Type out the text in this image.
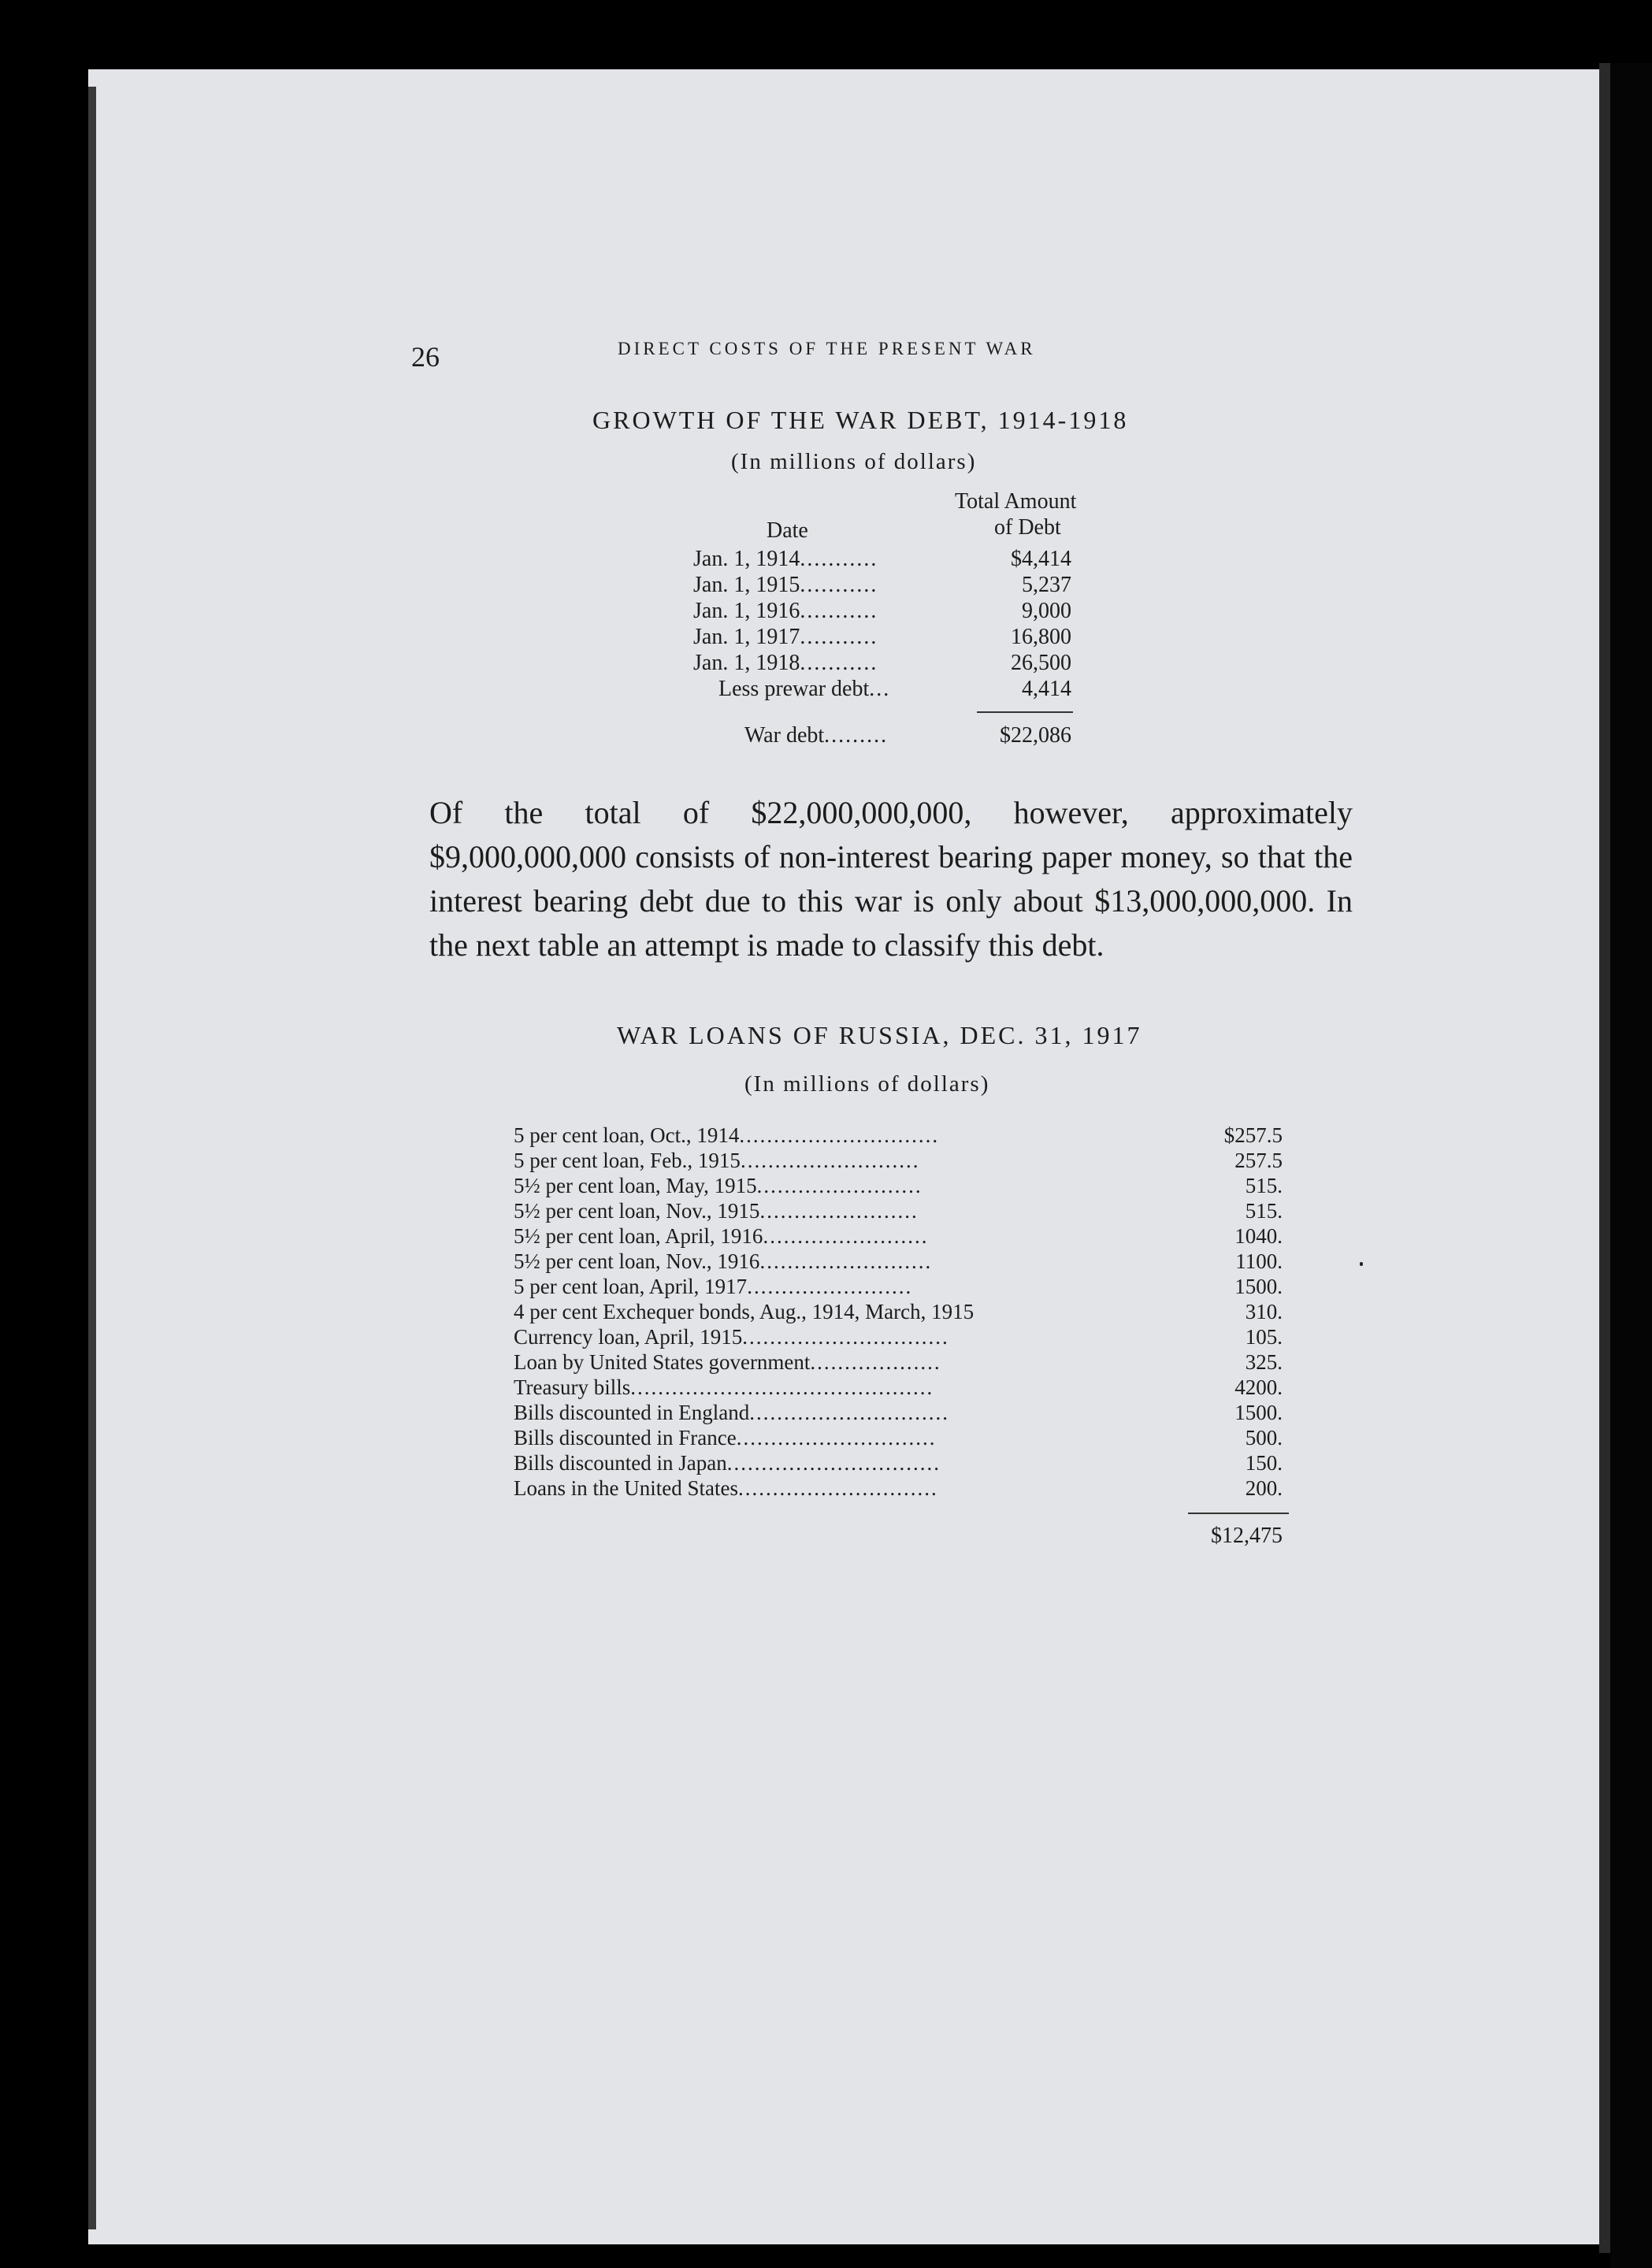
26	DIRECT COSTS OF THE PRESENT WAR
GROWTH OF THE WAR DEBT, 1914-1918
(In millions of dollars)
Total Amount
Date	of Debt
Jan. 1, 1914...........	$4,414
Jan. 1, 1915...........	5,237
Jan. 1, 1916...........	9,000
Jan. 1, 1917...........	16,800
Jan. 1, 1918...........	26,500
Less prewar debt...	4,414
War debt.........	$22,086

Of the total of $22,000,000,000, however, approximately $9,000,000,000 consists of non-interest bearing paper money, so that the interest bearing debt due to this war is only about $13,000,000,000. In the next table an attempt is made to classify this debt.

WAR LOANS OF RUSSIA, DEC. 31, 1917
(In millions of dollars)
5 per cent loan, Oct., 1914.............................	$257.5
5 per cent loan, Feb., 1915..........................	257.5
5½ per cent loan, May, 1915........................	515.
5½ per cent loan, Nov., 1915.......................	515.
5½ per cent loan, April, 1916........................	1040.
5½ per cent loan, Nov., 1916.........................	1100.
5 per cent loan, April, 1917........................	1500.
4 per cent Exchequer bonds, Aug., 1914, March, 1915	310.
Currency loan, April, 1915..............................	105.
Loan by United States government...................	325.
Treasury bills............................................	4200.
Bills discounted in England.............................	1500.
Bills discounted in France.............................	500.
Bills discounted in Japan...............................	150.
Loans in the United States.............................	200.
$12,475
